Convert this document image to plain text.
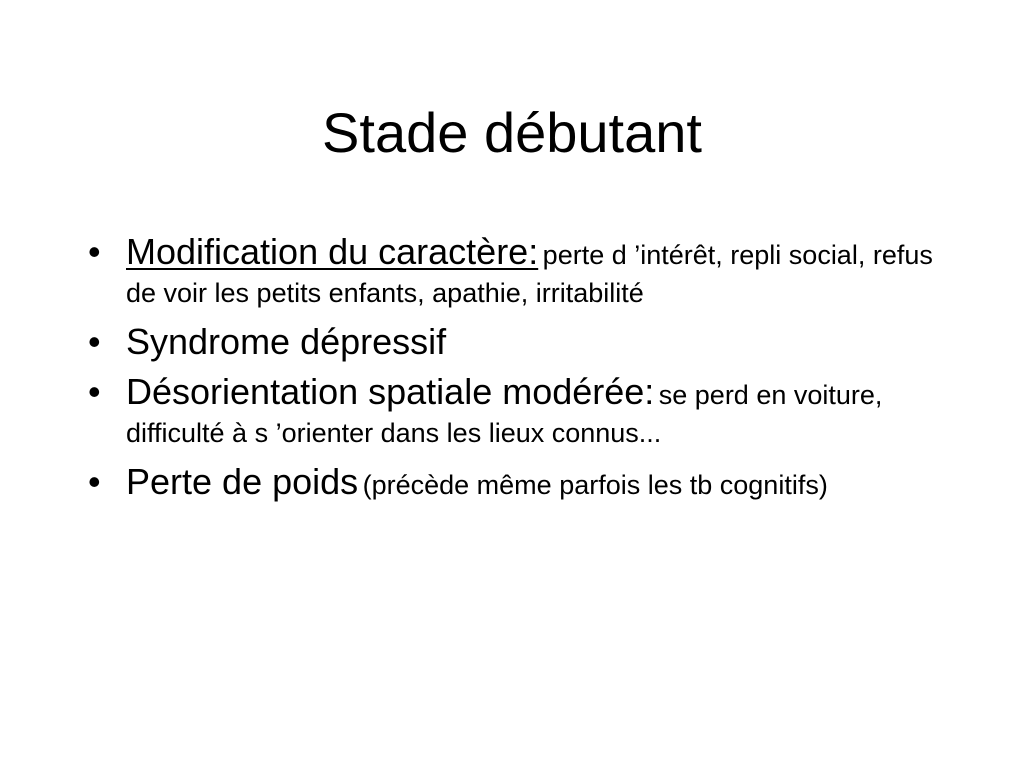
Stade débutant
• Modification du caractère: perte d ’intérêt, repli social, refus de voir les petits enfants, apathie, irritabilité
• Syndrome dépressif
• Désorientation spatiale modérée: se perd en voiture, difficulté à s ’orienter dans les lieux connus...
• Perte de poids (précède même parfois les tb cognitifs)
